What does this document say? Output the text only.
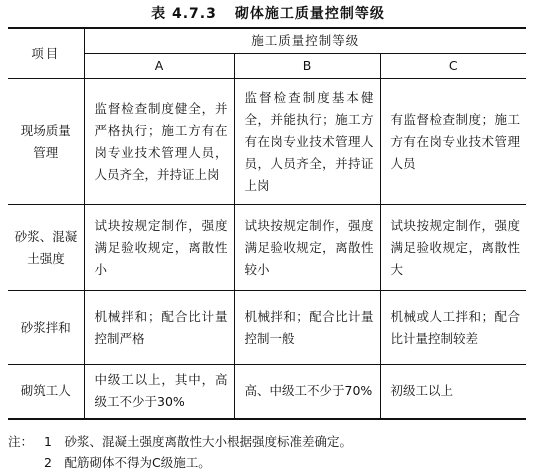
表 4.7.3 砌体施工质量控制等级
项目	施工质量控制等级		
	A	B	C
现场质量管理	监督检查制度健全，并严格执行；施工方有在岗专业技术管理人员，人员齐全，并持证上岗	监督检查制度基本健全，并能执行；施工方有在岗专业技术管理人员，人员齐全，并持证上岗	有监督检查制度；施工方有在岗专业技术管理人员
砂浆、混凝土强度	试块按规定制作，强度满足验收规定，离散性小	试块按规定制作，强度满足验收规定，离散性较小	试块按规定制作，强度满足验收规定，离散性大
砂浆拌和	机械拌和；配合比计量控制严格	机械拌和；配合比计量控制一般	机械或人工拌和；配合比计量控制较差
砌筑工人	中级工以上，其中，高级工不少于30%	高、中级工不少于70%	初级工以上
注： 1　 砂浆、混凝土强度离散性大小根据强度标准差确定。
2　 配筋砌体不得为C级施工。
